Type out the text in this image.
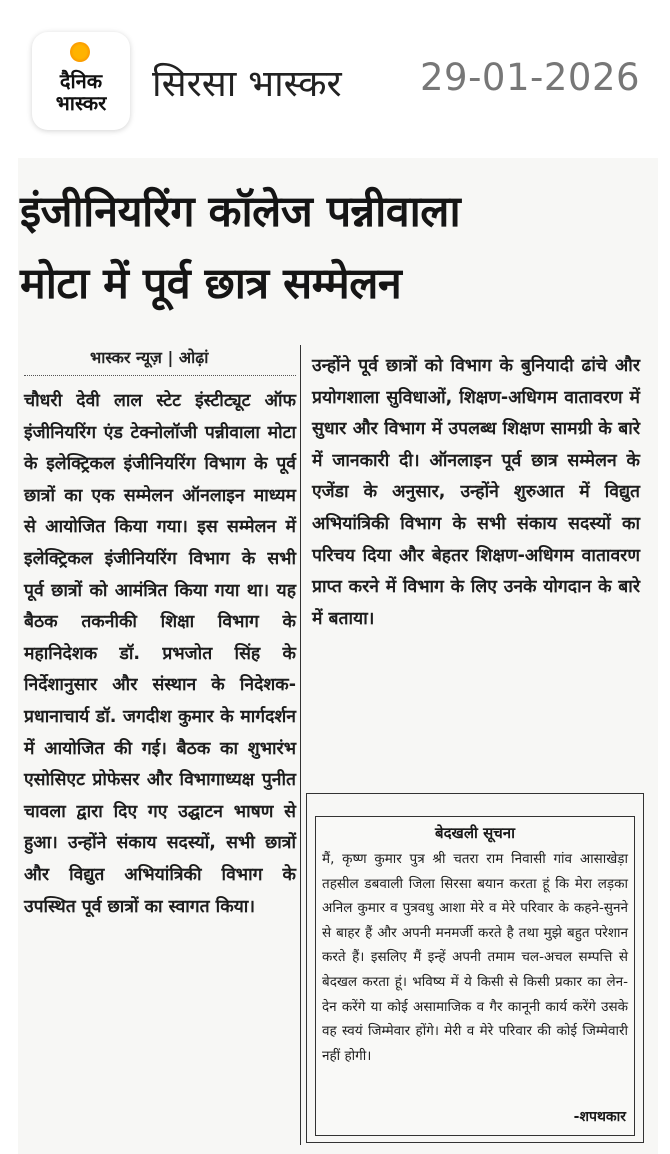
दैनिक
भास्कर	सिरसा भास्कर 29-01-2026
इंजीनियरिंग कॉलेज पन्नीवाला
मोटा में पूर्व छात्र सम्मेलन
भास्कर न्यूज़ | ओढ़ां
चौधरी देवी लाल स्टेट इंस्टीट्यूट ऑफ इंजीनियरिंग एंड टेक्नोलॉजी पन्नीवाला मोटा के इलेक्ट्रिकल इंजीनियरिंग विभाग के पूर्व छात्रों का एक सम्मेलन ऑनलाइन माध्यम से आयोजित किया गया। इस सम्मेलन में इलेक्ट्रिकल इंजीनियरिंग विभाग के सभी पूर्व छात्रों को आमंत्रित किया गया था। यह बैठक तकनीकी शिक्षा विभाग के महानिदेशक डॉ. प्रभजोत सिंह के निर्देशानुसार और संस्थान के निदेशक-प्रधानाचार्य डॉ. जगदीश कुमार के मार्गदर्शन में आयोजित की गई। बैठक का शुभारंभ एसोसिएट प्रोफेसर और विभागाध्यक्ष पुनीत चावला द्वारा दिए गए उद्घाटन भाषण से हुआ। उन्होंने संकाय सदस्यों, सभी छात्रों और विद्युत अभियांत्रिकी विभाग के उपस्थित पूर्व छात्रों का स्वागत किया।
उन्होंने पूर्व छात्रों को विभाग के बुनियादी ढांचे और प्रयोगशाला सुविधाओं, शिक्षण-अधिगम वातावरण में सुधार और विभाग में उपलब्ध शिक्षण सामग्री के बारे में जानकारी दी। ऑनलाइन पूर्व छात्र सम्मेलन के एजेंडा के अनुसार, उन्होंने शुरुआत में विद्युत अभियांत्रिकी विभाग के सभी संकाय सदस्यों का परिचय दिया और बेहतर शिक्षण-अधिगम वातावरण प्राप्त करने में विभाग के लिए उनके योगदान के बारे में बताया।
बेदखली सूचना
मैं, कृष्ण कुमार पुत्र श्री चतरा राम निवासी गांव आसाखेड़ा तहसील डबवाली जिला सिरसा बयान करता हूं कि मेरा लड़का अनिल कुमार व पुत्रवधु आशा मेरे व मेरे परिवार के कहने-सुनने से बाहर हैं और अपनी मनमर्जी करते है तथा मुझे बहुत परेशान करते हैं। इसलिए मैं इन्हें अपनी तमाम चल-अचल सम्पत्ति से बेदखल करता हूं। भविष्य में ये किसी से किसी प्रकार का लेन-देन करेंगे या कोई असामाजिक व गैर कानूनी कार्य करेंगे उसके वह स्वयं जिम्मेवार होंगे। मेरी व मेरे परिवार की कोई जिम्मेवारी नहीं होगी।
-शपथकार
